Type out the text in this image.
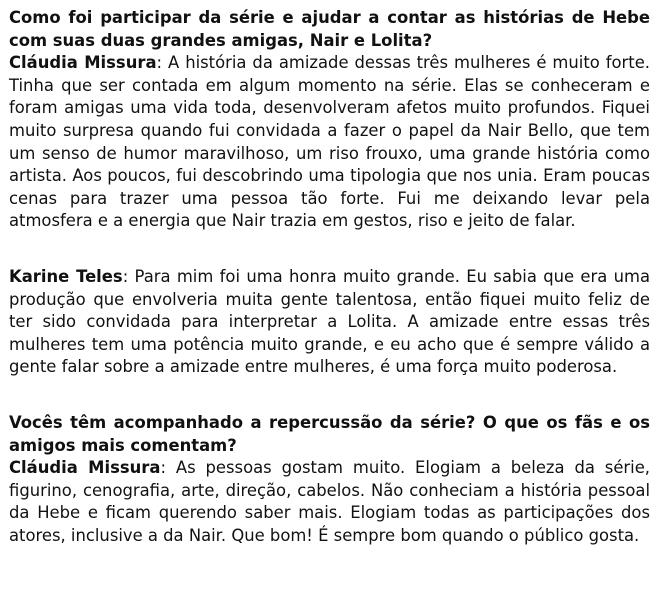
Como foi participar da série e ajudar a contar as histórias de Hebe com suas duas grandes amigas, Nair e Lolita?
Cláudia Missura: A história da amizade dessas três mulheres é muito forte. Tinha que ser contada em algum momento na série. Elas se conheceram e foram amigas uma vida toda, desenvolveram afetos muito profundos. Fiquei muito surpresa quando fui convidada a fazer o papel da Nair Bello, que tem um senso de humor maravilhoso, um riso frouxo, uma grande história como artista. Aos poucos, fui descobrindo uma tipologia que nos unia. Eram poucas cenas para trazer uma pessoa tão forte. Fui me deixando levar pela atmosfera e a energia que Nair trazia em gestos, riso e jeito de falar.

Karine Teles: Para mim foi uma honra muito grande. Eu sabia que era uma produção que envolveria muita gente talentosa, então fiquei muito feliz de ter sido convidada para interpretar a Lolita. A amizade entre essas três mulheres tem uma potência muito grande, e eu acho que é sempre válido a gente falar sobre a amizade entre mulheres, é uma força muito poderosa.

Vocês têm acompanhado a repercussão da série? O que os fãs e os amigos mais comentam?
Cláudia Missura: As pessoas gostam muito. Elogiam a beleza da série, figurino, cenografia, arte, direção, cabelos. Não conheciam a história pessoal da Hebe e ficam querendo saber mais. Elogiam todas as participações dos atores, inclusive a da Nair. Que bom! É sempre bom quando o público gosta.
